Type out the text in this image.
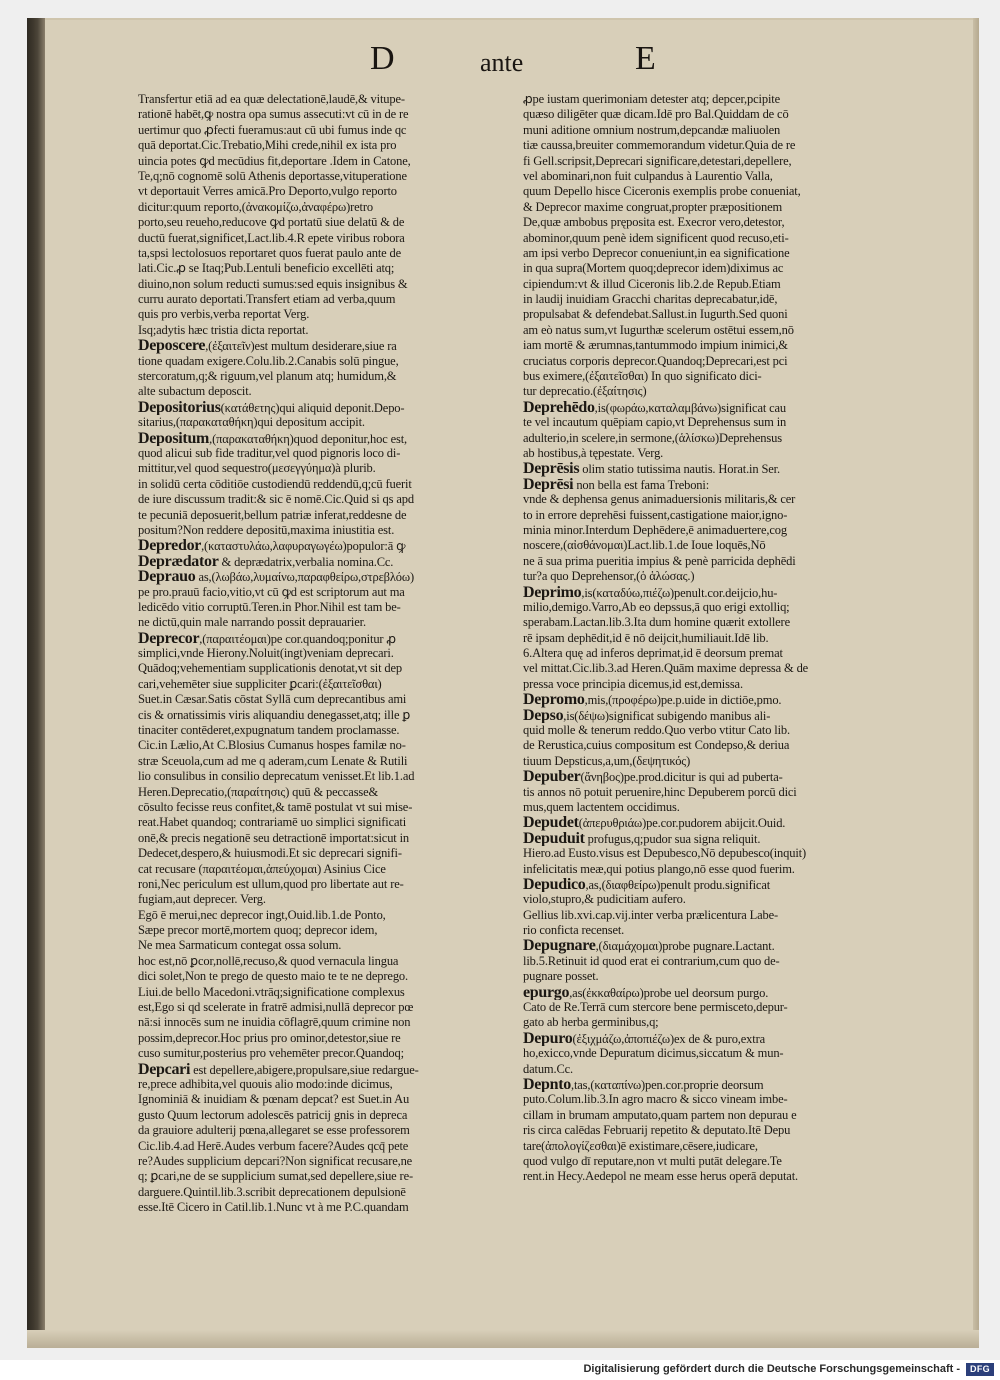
D	ante	E
Transfertur etiā ad ea quæ delectationē,laudē,& vitupe-
rationē habēt,ꝙ nostra opa sumus assecuti:vt cū in de re
uertimur quo ꝓfecti fueramus:aut cū ubi fumus inde qc
quā deportat.Cic.Trebatio,Mihi crede,nihil ex ista pro
uincia potes ꝙd mecūdius fit,deportare .Idem in Catone,
Te,q;nō cognomē solū Athenis deportasse,vituperatione
vt deportauit Verres amicā.Pro Deporto,vulgo reporto
dicitur:quum reporto,(ἀνακομίζω,ἀναφέρω)retro
porto,seu reueho,reducove ꝙd portatū siue delatū & de
ductū fuerat,significet,Lact.lib.4.R epete viribus robora
ta,spsi lectolosuos reportaret quos fuerat paulo ante de
lati.Cic.ꝓ se Itaq;Pub.Lentuli beneficio excellēti atq;
diuino,non solum reducti sumus:sed equis insignibus &
curru aurato deportati.Transfert etiam ad verba,quum
quis pro verbis,verba reportat Verg.
Isq;adytis hæc tristia dicta reportat.
Deposcere,(ἐξαιτεῖν)est multum desiderare,siue ra
tione quadam exigere.Colu.lib.2.Canabis solū pingue,
stercoratum,q;& riguum,vel planum atq; humidum,&
alte subactum deposcit.
Depositorius(κατάθετης)qui aliquid deponit.Depo-
sitarius,(παρακαταθήκη)qui depositum accipit.
Depositum,(παρακαταθήκη)quod deponitur,hoc est,
quod alicui sub fide traditur,vel quod pignoris loco di-
mittitur,vel quod sequestro(μεσεγγύημα)à plurib.
in solidū certa cōditiōe custodiendū reddendū,q;cū fuerit
de iure discussum tradit:& sic ē nomē.Cic.Quid si qs apd
te pecuniā deposuerit,bellum patriæ inferat,reddesne de
positum?Non reddere depositū,maxima iniustitia est.
Depredor,(καταστυλάω,λαφυραγωγέω)populor:ā ꝙ
Deprædator & deprædatrix,verbalia nomina.Cc.
Deprauo as,(λωβάω,λυμαίνω,παραφθείρω,στρεβλόω)
pe pro.prauū facio,vitio,vt cū ꝙd est scriptorum aut ma
ledicēdo vitio corruptū.Teren.in Phor.Nihil est tam be-
ne dictū,quin male narrando possit deprauarier.
Deprecor,(παραιτέομαι)pe cor.quandoq;ponitur ꝓ
simplici,vnde Hierony.Noluit(ingt)veniam deprecari.
Quādoq;vehementiam supplicationis denotat,vt sit dep
cari,vehemēter siue suppliciter ꝑcari:(ἐξαιτεῖσθαι)
Suet.in Cæsar.Satis cōstat Syllā cum deprecantibus ami
cis & ornatissimis viris aliquandiu denegasset,atq; ille ꝑ
tinaciter contēderet,expugnatum tandem proclamasse.
Cic.in Lælio,At C.Blosius Cumanus hospes familæ no-
stræ Sceuola,cum ad me q aderam,cum Lenate & Rutili
lio consulibus in consilio deprecatum venisset.Et lib.1.ad
Heren.Deprecatio,(παραίτησις) quū & peccasse&
cōsulto fecisse reus confitet,& tamē postulat vt sui mise-
reat.Habet quandoq; contrariamē uo simplici significati
onē,& precis negationē seu detractionē importat:sicut in
Dedecet,despero,& huiusmodi.Et sic deprecari signifi-
cat recusare (παραιτέομαι,ἀπεύχομαι) Asinius Cice
roni,Nec periculum est ullum,quod pro libertate aut re-
fugiam,aut deprecer. Verg.
Egō ē merui,nec deprecor ingt,Ouid.lib.1.de Ponto,
Sæpe precor mortē,mortem quoq; deprecor idem,
Ne mea Sarmaticum contegat ossa solum.
hoc est,nō ꝑcor,nollē,recuso,& quod vernacula lingua
dici solet,Non te prego de questo maio te te ne deprego.
Liui.de bello Macedoni.vtrāq;significatione complexus
est,Ego si qd scelerate in fratrē admisi,nullā deprecor pœ
nā:si innocēs sum ne inuidia cōflagrē,quum crimine non
possim,deprecor.Hoc prius pro ominor,detestor,siue re
cuso sumitur,posterius pro vehemēter precor.Quandoq;
Depcari est depellere,abigere,propulsare,siue redargue-
re,prece adhibita,vel quouis alio modo:inde dicimus,
Ignominiā & inuidiam & pœnam depcat? est Suet.in Au
gusto Quum lectorum adolescēs patricij gnis in depreca
da grauiore adulterij pœna,allegaret se esse professorem
Cic.lib.4.ad Herē.Audes verbum facere?Audes qcq̄ pete
re?Audes supplicium depcari?Non significat recusare,ne
q; ꝑcari,ne de se supplicium sumat,sed depellere,siue re-
darguere.Quintil.lib.3.scribit deprecationem depulsionē
esse.Itē Cicero in Catil.lib.1.Nunc vt à me P.C.quandam
ꝓpe iustam querimoniam detester atq; depcer,pcipite
quæso diligēter quæ dicam.Idē pro Bal.Quiddam de cō
muni aditione omnium nostrum,depcandæ maliuolen
tiæ caussa,breuiter commemorandum videtur.Quia de re
fi Gell.scripsit,Deprecari significare,detestari,depellere,
vel abominari,non fuit culpandus à Laurentio Valla,
quum Depello hisce Ciceronis exemplis probe conueniat,
& Deprecor maxime congruat,propter præpositionem
De,quæ ambobus pręposita est. Execror vero,detestor,
abominor,quum penè idem significent quod recuso,eti-
am ipsi verbo Deprecor conueniunt,in ea significatione
in qua supra(Mortem quoq;deprecor idem)diximus ac
cipiendum:vt & illud Ciceronis lib.2.de Repub.Etiam
in laudij inuidiam Gracchi charitas deprecabatur,idē,
propulsabat & defendebat.Sallust.in Iugurth.Sed quoni
am eò natus sum,vt Iugurthæ scelerum ostētui essem,nō
iam mortē & ærumnas,tantummodo impium inimici,&
cruciatus corporis deprecor.Quandoq;Deprecari,est pci
bus eximere,(ἐξαιτεῖσθαι) In quo significato dici-
tur deprecatio.(ἐξαίτησις)
Deprehēdo,is(φωράω,καταλαμβάνω)significat cau
te vel incautum quēpiam capio,vt Deprehensus sum in
adulterio,in scelere,in sermone,(ἁλίσκω)Deprehensus
ab hostibus,à tępestate. Verg.
Deprēsis olim statio tutissima nautis. Horat.in Ser.
Deprēsi non bella est fama Treboni:
vnde & dephensa genus animaduersionis militaris,& cer
to in errore deprehēsi fuissent,castigatione maior,igno-
minia minor.Interdum Dephēdere,ē animaduertere,cog
noscere,(αἰσθάνομαι)Lact.lib.1.de Ioue loquēs,Nō
ne ā sua prima pueritia impius & penè parricida dephēdi
tur?a quo Deprehensor,(ὁ ἁλώσας.)
Deprimo,is(καταδύω,πιέζω)penult.cor.deijcio,hu-
milio,demigo.Varro,Ab eo depssus,ā quo erigi extolliq;
sperabam.Lactan.lib.3.Ita dum homine quærit extollere
rē ipsam dephēdit,id ē nō deijcit,humiliauit.Idē lib.
6.Altera quę ad inferos deprimat,id ē deorsum premat
vel mittat.Cic.lib.3.ad Heren.Quām maxime depressa & de
pressa voce principia dicemus,id est,demissa.
Depromo,mis,(προφέρω)pe.p.uide in dictiōe,pmo.
Depso,is(δέψω)significat subigendo manibus ali-
quid molle & tenerum reddo.Quo verbo vtitur Cato lib.
de Rerustica,cuius compositum est Condepso,& deriua
tiuum Depsticus,a,um,(δεψητικός)
Depuber(ἄνηβος)pe.prod.dicitur is qui ad puberta-
tis annos nō potuit peruenire,hinc Depuberem porcū dici
mus,quem lactentem occidimus.
Depudet(ἀπερυθριάω)pe.cor.pudorem abijcit.Ouid.
Depuduit profugus,q;pudor sua signa reliquit.
Hiero.ad Eusto.visus est Depubesco,Nō depubesco(inquit)
infelicitatis meæ,qui potius plango,nō esse quod fuerim.
Depudico,as,(διαφθείρω)penult produ.significat
violo,stupro,& pudicitiam aufero.
Gellius lib.xvi.cap.vij.inter verba prælicentura Labe-
rio conficta recenset.
Depugnare,(διαμάχομαι)probe pugnare.Lactant.
lib.5.Retinuit id quod erat ei contrarium,cum quo de-
pugnare posset.
epurgo,as(ἐκκαθαίρω)probe uel deorsum purgo.
Cato de Re.Terrā cum stercore bene permisceto,depur-
gato ab herba germinibus,q;
Depuro(ἐξιχμάζω,ἀποπιέζω)ex de & puro,extra
ho,exicco,vnde Depuratum dicimus,siccatum & mun-
datum.Cc.
Depnto,tas,(καταπίνω)pen.cor.proprie deorsum
puto.Colum.lib.3.In agro macro & sicco vineam imbe-
cillam in brumam amputato,quam partem non depurau e
ris circa calēdas Februarij repetito & deputato.Itē Depu
tare(ἀπολογίζεσθαι)ē existimare,cēsere,iudicare,
quod vulgo dī reputare,non vt multi putāt delegare.Te
rent.in Hecy.Aedepol ne meam esse herus operā deputat.
Digitalisierung gefördert durch die Deutsche Forschungsgemeinschaft -	DFG
